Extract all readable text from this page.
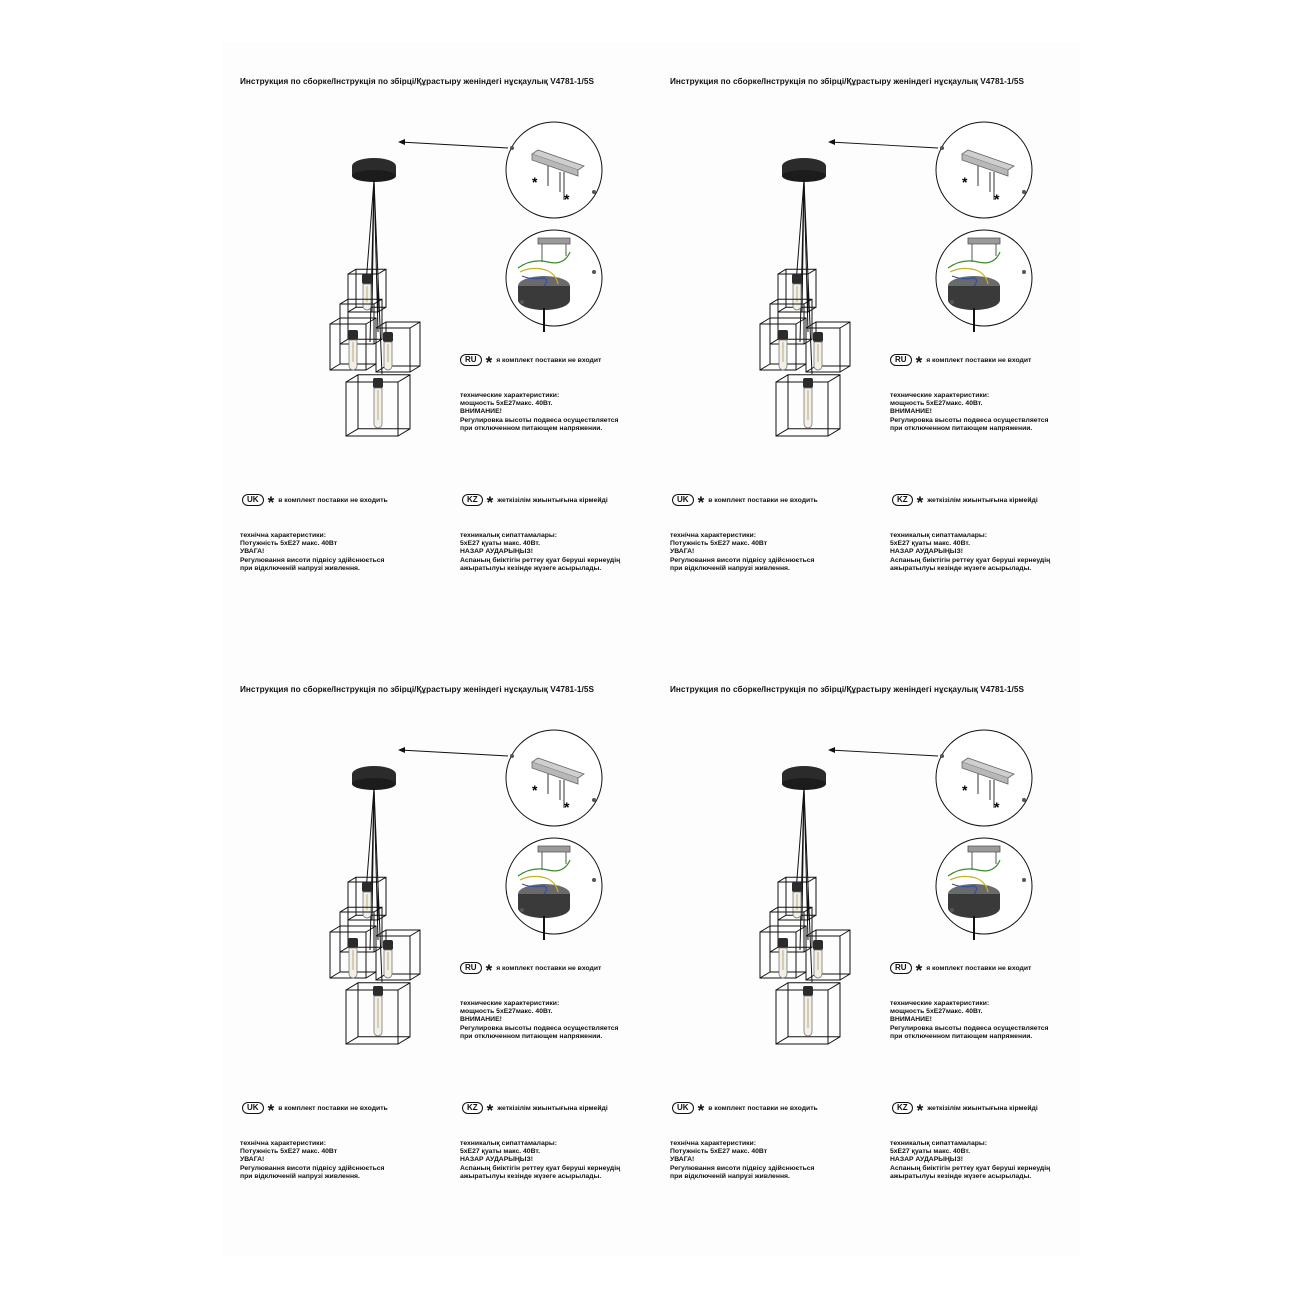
Инструкция по сборке/Інструкція по збірці/Құрастыру женіндегі нұсқаулық V4781-1/5S
*
*
RU * я комплект поставки не входит
технические характеристики:
мощность 5хЕ27макс. 40Вт.
ВНИМАНИЕ!
Регулировка высоты подвеса осуществляется
при отключенном питающем напряжении.
UK * в комплект поставки не входить
технічна характеристики:
Потужність 5хЕ27 макс. 40Вт
УВАГА!
Регулювання висоти підвісу здійснюється
при відключеній напрузі живлення.
KZ * жеткізілім жиынтығына кірмейді
техникалық сипаттамалары:
5хЕ27 қуаты макс. 40Вт.
НАЗАР АУДАРЫҢЫЗ!
Аспаның биіктігін реттеу қуат беруші кернеудің
ажыратылуы кезінде жүзеге асырылады.
Инструкция по сборке/Інструкція по збірці/Құрастыру женіндегі нұсқаулық V4781-1/5S
*
*
RU * я комплект поставки не входит
технические характеристики:
мощность 5хЕ27макс. 40Вт.
ВНИМАНИЕ!
Регулировка высоты подвеса осуществляется
при отключенном питающем напряжении.
UK * в комплект поставки не входить
технічна характеристики:
Потужність 5хЕ27 макс. 40Вт
УВАГА!
Регулювання висоти підвісу здійснюється
при відключеній напрузі живлення.
KZ * жеткізілім жиынтығына кірмейді
техникалық сипаттамалары:
5хЕ27 қуаты макс. 40Вт.
НАЗАР АУДАРЫҢЫЗ!
Аспаның биіктігін реттеу қуат беруші кернеудің
ажыратылуы кезінде жүзеге асырылады.
Инструкция по сборке/Інструкція по збірці/Құрастыру женіндегі нұсқаулық V4781-1/5S
*
*
RU * я комплект поставки не входит
технические характеристики:
мощность 5хЕ27макс. 40Вт.
ВНИМАНИЕ!
Регулировка высоты подвеса осуществляется
при отключенном питающем напряжении.
UK * в комплект поставки не входить
технічна характеристики:
Потужність 5хЕ27 макс. 40Вт
УВАГА!
Регулювання висоти підвісу здійснюється
при відключеній напрузі живлення.
KZ * жеткізілім жиынтығына кірмейді
техникалық сипаттамалары:
5хЕ27 қуаты макс. 40Вт.
НАЗАР АУДАРЫҢЫЗ!
Аспаның биіктігін реттеу қуат беруші кернеудің
ажыратылуы кезінде жүзеге асырылады.
Инструкция по сборке/Інструкція по збірці/Құрастыру женіндегі нұсқаулық V4781-1/5S
*
*
RU * я комплект поставки не входит
технические характеристики:
мощность 5хЕ27макс. 40Вт.
ВНИМАНИЕ!
Регулировка высоты подвеса осуществляется
при отключенном питающем напряжении.
UK * в комплект поставки не входить
технічна характеристики:
Потужність 5хЕ27 макс. 40Вт
УВАГА!
Регулювання висоти підвісу здійснюється
при відключеній напрузі живлення.
KZ * жеткізілім жиынтығына кірмейді
техникалық сипаттамалары:
5хЕ27 қуаты макс. 40Вт.
НАЗАР АУДАРЫҢЫЗ!
Аспаның биіктігін реттеу қуат беруші кернеудің
ажыратылуы кезінде жүзеге асырылады.
